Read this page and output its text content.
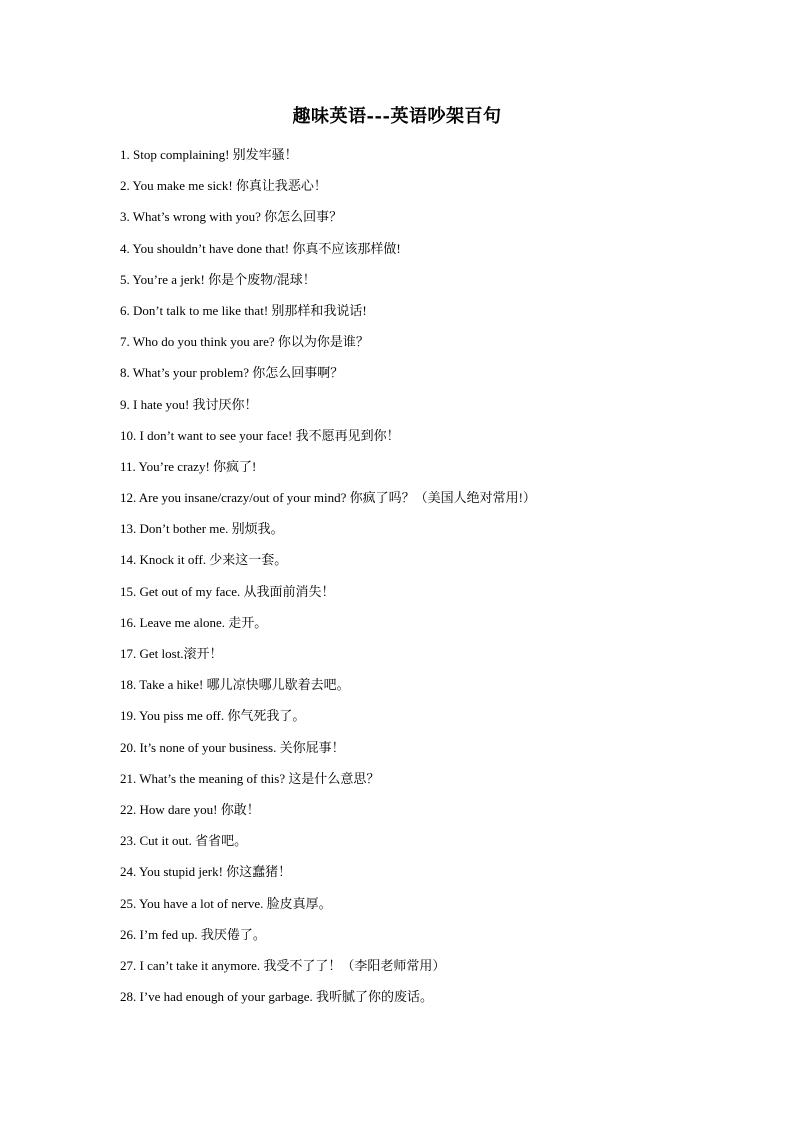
趣味英语---英语吵架百句
1. Stop complaining! 别发牢骚！
2. You make me sick! 你真让我恶心！
3. What’s wrong with you? 你怎么回事？
4. You shouldn’t have done that! 你真不应该那样做!
5. You’re a jerk! 你是个废物/混球！
6. Don’t talk to me like that! 别那样和我说话!
7. Who do you think you are? 你以为你是谁？
8. What’s your problem? 你怎么回事啊？
9. I hate you! 我讨厌你！
10. I don’t want to see your face! 我不愿再见到你！
11. You’re crazy! 你疯了!
12. Are you insane/crazy/out of your mind? 你疯了吗？（美国人绝对常用!）
13. Don’t bother me. 别烦我。
14. Knock it off. 少来这一套。
15. Get out of my face. 从我面前消失！
16. Leave me alone. 走开。
17. Get lost.滚开！
18. Take a hike! 哪儿凉快哪儿歇着去吧。
19. You piss me off. 你气死我了。
20. It’s none of your business. 关你屁事！
21. What’s the meaning of this? 这是什么意思？
22. How dare you! 你敢！
23. Cut it out. 省省吧。
24. You stupid jerk! 你这蠢猪！
25. You have a lot of nerve. 脸皮真厚。
26. I’m fed up. 我厌倦了。
27. I can’t take it anymore. 我受不了了！（李阳老师常用）
28. I’ve had enough of your garbage. 我听腻了你的废话。
